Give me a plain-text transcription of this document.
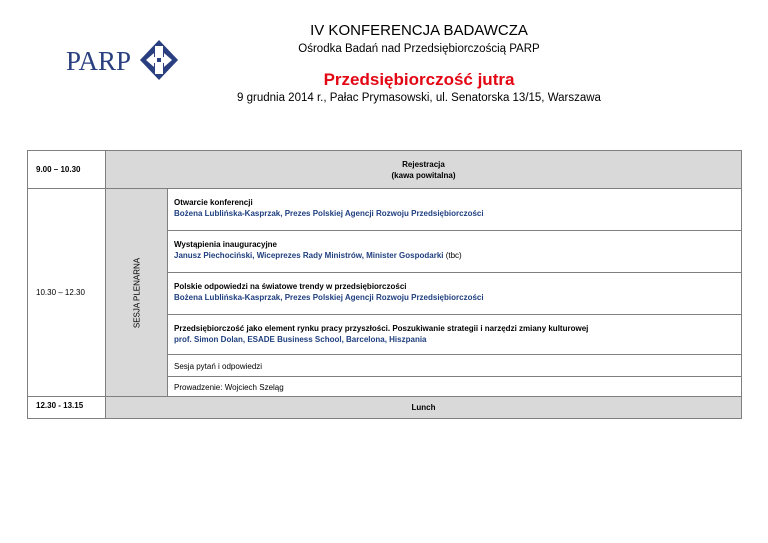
PARP
IV KONFERENCJA BADAWCZA
Ośrodka Badań nad Przedsiębiorczością PARP
Przedsiębiorczość jutra
9 grudnia 2014 r., Pałac Prymasowski, ul. Senatorska 13/15, Warszawa
9.00 – 10.30	Rejestracja
(kawa powitalna)	

10.30 – 12.30	SESJA PLENARNA	Otwarcie konferencji
Bożena Lublińska-Kasprzak, Prezes Polskiej Agencji Rozwoju Przedsiębiorczości

		Wystąpienia inauguracyjne
Janusz Piechociński, Wiceprezes Rady Ministrów, Minister Gospodarki (tbc)

		Polskie odpowiedzi na światowe trendy w przedsiębiorczości
Bożena Lublińska-Kasprzak, Prezes Polskiej Agencji Rozwoju Przedsiębiorczości

		Przedsiębiorczość jako element rynku pracy przyszłości. Poszukiwanie strategii i narzędzi zmiany kulturowej
prof. Simon Dolan, ESADE Business School, Barcelona, Hiszpania

		Sesja pytań i odpowiedzi

		Prowadzenie: Wojciech Szeląg

12.30 - 13.15	Lunch	
